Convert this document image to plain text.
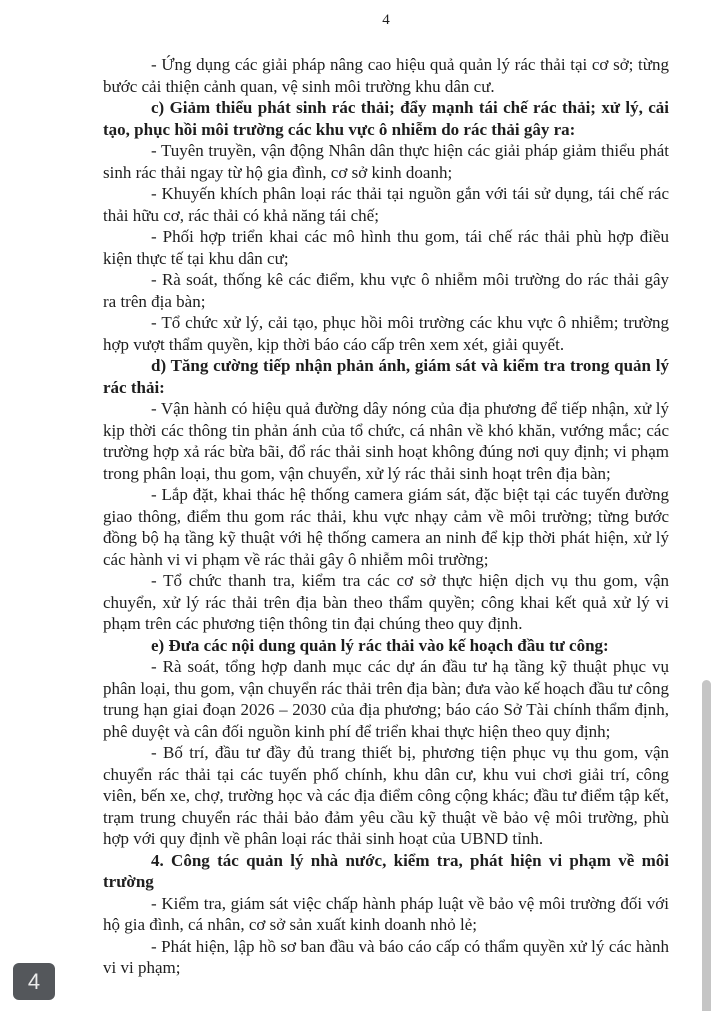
4

- Ứng dụng các giải pháp nâng cao hiệu quả quản lý rác thải tại cơ sở; từng bước cải thiện cảnh quan, vệ sinh môi trường khu dân cư.

c) Giảm thiểu phát sinh rác thải; đẩy mạnh tái chế rác thải; xử lý, cải tạo, phục hồi môi trường các khu vực ô nhiễm do rác thải gây ra:

- Tuyên truyền, vận động Nhân dân thực hiện các giải pháp giảm thiểu phát sinh rác thải ngay từ hộ gia đình, cơ sở kinh doanh;

- Khuyến khích phân loại rác thải tại nguồn gắn với tái sử dụng, tái chế rác thải hữu cơ, rác thải có khả năng tái chế;

- Phối hợp triển khai các mô hình thu gom, tái chế rác thải phù hợp điều kiện thực tế tại khu dân cư;

- Rà soát, thống kê các điểm, khu vực ô nhiễm môi trường do rác thải gây ra trên địa bàn;

- Tổ chức xử lý, cải tạo, phục hồi môi trường các khu vực ô nhiễm; trường hợp vượt thẩm quyền, kịp thời báo cáo cấp trên xem xét, giải quyết.

d) Tăng cường tiếp nhận phản ánh, giám sát và kiểm tra trong quản lý rác thải:

- Vận hành có hiệu quả đường dây nóng của địa phương để tiếp nhận, xử lý kịp thời các thông tin phản ánh của tổ chức, cá nhân về khó khăn, vướng mắc; các trường hợp xả rác bừa bãi, đổ rác thải sinh hoạt không đúng nơi quy định; vi phạm trong phân loại, thu gom, vận chuyển, xử lý rác thải sinh hoạt trên địa bàn;

- Lắp đặt, khai thác hệ thống camera giám sát, đặc biệt tại các tuyến đường giao thông, điểm thu gom rác thải, khu vực nhạy cảm về môi trường; từng bước đồng bộ hạ tầng kỹ thuật với hệ thống camera an ninh để kịp thời phát hiện, xử lý các hành vi vi phạm về rác thải gây ô nhiễm môi trường;

- Tổ chức thanh tra, kiểm tra các cơ sở thực hiện dịch vụ thu gom, vận chuyển, xử lý rác thải trên địa bàn theo thẩm quyền; công khai kết quả xử lý vi phạm trên các phương tiện thông tin đại chúng theo quy định.

e) Đưa các nội dung quản lý rác thải vào kế hoạch đầu tư công:

- Rà soát, tổng hợp danh mục các dự án đầu tư hạ tầng kỹ thuật phục vụ phân loại, thu gom, vận chuyển rác thải trên địa bàn; đưa vào kế hoạch đầu tư công trung hạn giai đoạn 2026 – 2030 của địa phương; báo cáo Sở Tài chính thẩm định, phê duyệt và cân đối nguồn kinh phí để triển khai thực hiện theo quy định;

- Bố trí, đầu tư đầy đủ trang thiết bị, phương tiện phục vụ thu gom, vận chuyển rác thải tại các tuyến phố chính, khu dân cư, khu vui chơi giải trí, công viên, bến xe, chợ, trường học và các địa điểm công cộng khác; đầu tư điểm tập kết, trạm trung chuyển rác thải bảo đảm yêu cầu kỹ thuật về bảo vệ môi trường, phù hợp với quy định về phân loại rác thải sinh hoạt của UBND tỉnh.

4. Công tác quản lý nhà nước, kiểm tra, phát hiện vi phạm về môi trường

- Kiểm tra, giám sát việc chấp hành pháp luật về bảo vệ môi trường đối với hộ gia đình, cá nhân, cơ sở sản xuất kinh doanh nhỏ lẻ;

- Phát hiện, lập hồ sơ ban đầu và báo cáo cấp có thẩm quyền xử lý các hành vi vi phạm;

4
